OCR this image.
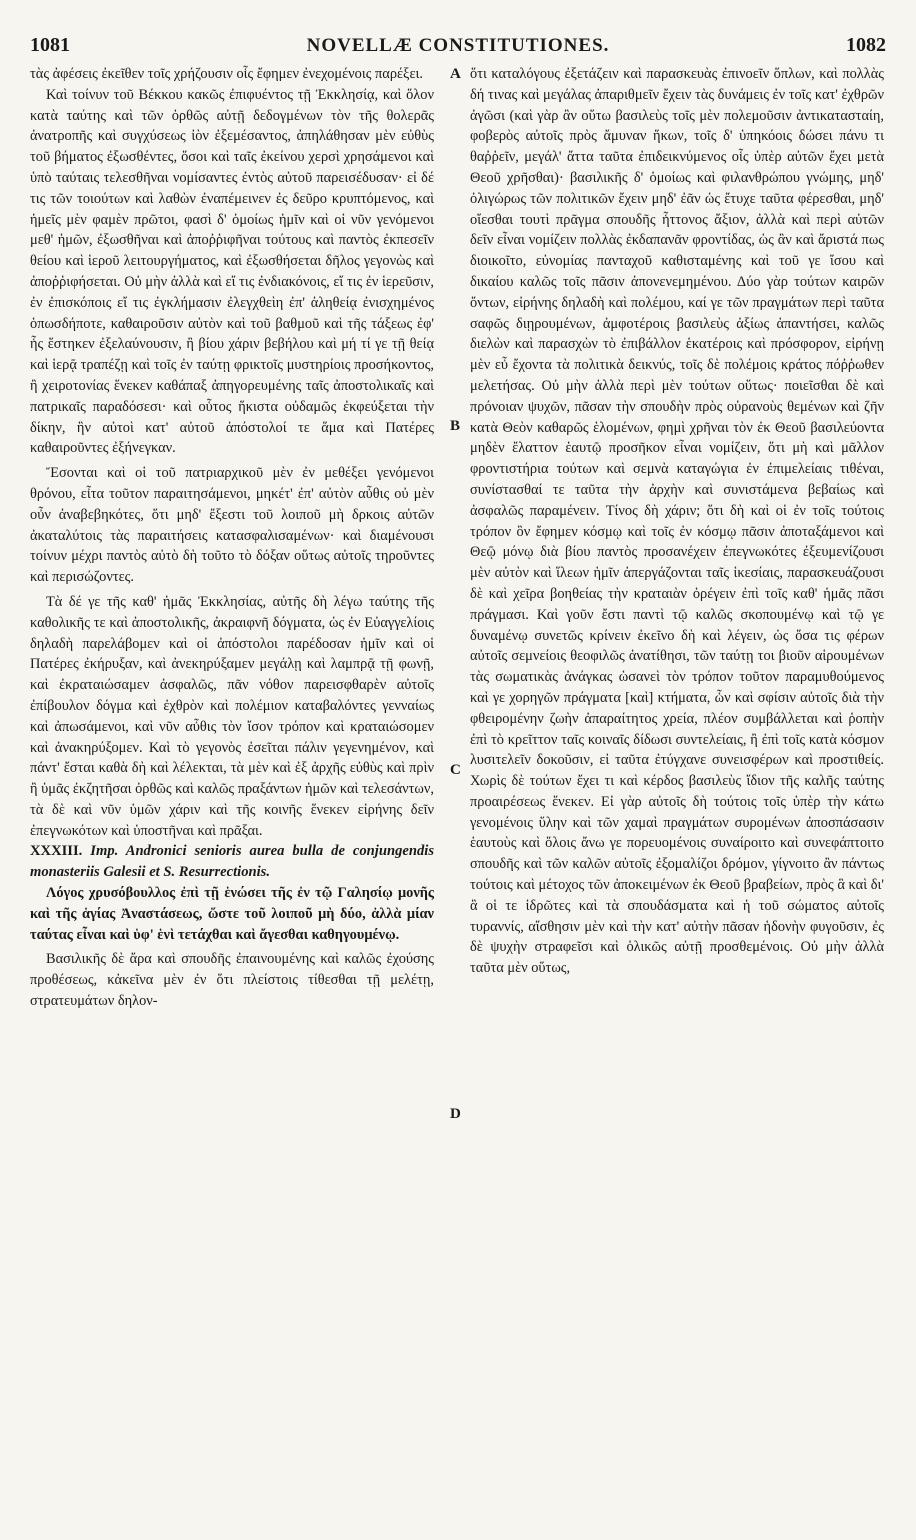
1081	NOVELLÆ CONSTITUTIONES.	1082
A
B
C
D

τὰς ἀφέσεις ἐκεῖθεν τοῖς χρήζουσιν οἷς ἔφημεν ἐνεχομένοις παρέξει.

Καὶ τοίνυν τοῦ Βέκκου κακῶς ἐπιφυέντος τῇ Ἐκκλησίᾳ, καὶ ὅλον κατὰ ταύτης καὶ τῶν ὀρθῶς αὐτῇ δεδογμένων τὸν τῆς θολερᾶς ἀνατροπῆς καὶ συγχύσεως ἰὸν ἐξεμέσαντος, ἀπηλάθησαν μὲν εὐθὺς τοῦ βήματος ἐξωσθέντες, ὅσοι καὶ ταῖς ἐκείνου χερσὶ χρησάμενοι καὶ ὑπὸ ταύταις τελεσθῆναι νομίσαντες ἐντὸς αὐτοῦ παρεισέδυσαν· εἰ δέ τις τῶν τοιούτων καὶ λαθὼν ἐναπέμεινεν ἐς δεῦρο κρυπτόμενος, καὶ ἡμεῖς μὲν φαμὲν πρῶτοι, φασὶ δ' ὁμοίως ἡμῖν καὶ οἱ νῦν γενόμενοι μεθ' ἡμῶν, ἐξωσθῆναι καὶ ἀποῤῥιφῆναι τούτους καὶ παντὸς ἐκπεσεῖν θείου καὶ ἱεροῦ λειτουργήματος, καὶ ἐξωσθήσεται δῆλος γεγονὼς καὶ ἀποῤῥιφήσεται. Οὐ μὴν ἀλλὰ καὶ εἴ τις ἐνδιακόνοις, εἴ τις ἐν ἱερεῦσιν, ἐν ἐπισκόποις εἴ τις ἐγκλήμασιν ἐλεγχθεὶη ἐπ' ἀληθείᾳ ἐνισχημένος ὁπωσδήποτε, καθαιροῦσιν αὐτὸν καὶ τοῦ βαθμοῦ καὶ τῆς τάξεως ἐφ' ἧς ἕστηκεν ἐξελαύνουσιν, ἢ βίου χάριν βεβήλου καὶ μή τί γε τῇ θείᾳ καὶ ἱερᾷ τραπέζῃ καὶ τοῖς ἐν ταύτῃ φρικτοῖς μυστηρίοις προσήκοντος, ἢ χειροτονίας ἕνεκεν καθάπαξ ἀπηγορευμένης ταῖς ἀποστολικαῖς καὶ πατρικαῖς παραδόσεσι· καὶ οὗτος ἥκιστα οὐδαμῶς ἐκφεύξεται τὴν δίκην, ἣν αὐτοὶ κατ' αὐτοῦ ἀπόστολοί τε ἅμα καὶ Πατέρες καθαιροῦντες ἐξήνεγκαν.

Ἔσονται καὶ οἱ τοῦ πατριαρχικοῦ μὲν ἐν μεθέξει γενόμενοι θρόνου, εἶτα τοῦτον παραιτησάμενοι, μηκέτ' ἐπ' αὐτὸν αὖθις οὐ μὲν οὖν ἀναβεβηκότες, ὅτι μηδ' ἔξεστι τοῦ λοιποῦ μὴ δρκοις αὐτῶν ἀκαταλύτοις τὰς παραιτήσεις κατασφαλισαμένων· καὶ διαμένουσι τοίνυν μέχρι παντὸς αὐτὸ δὴ τοῦτο τὸ δόξαν οὕτως αὐτοῖς τηροῦντες καὶ περισώζοντες.

Τὰ δέ γε τῆς καθ' ἡμᾶς Ἐκκλησίας, αὐτῆς δὴ λέγω ταύτης τῆς καθολικῆς τε καὶ ἀποστολικῆς, ἀκραιφνῆ δόγματα, ὡς ἐν Εὐαγγελίοις δηλαδὴ παρελάβομεν καὶ οἱ ἀπόστολοι παρέδοσαν ἡμῖν καὶ οἱ Πατέρες ἐκήρυξαν, καὶ ἀνεκηρύξαμεν μεγάλῃ καὶ λαμπρᾷ τῇ φωνῇ, καὶ ἐκραταιώσαμεν ἀσφαλῶς, πᾶν νόθον παρεισφθαρὲν αὐτοῖς ἐπίβουλον δόγμα καὶ ἐχθρὸν καὶ πολέμιον καταβαλόντες γενναίως καὶ ἀπωσάμενοι, καὶ νῦν αὖθις τὸν ἴσον τρόπον καὶ κραταιώσομεν καὶ ἀνακηρύξομεν. Καὶ τὸ γεγονὸς ἐσεῖται πάλιν γεγενημένον, καὶ πάντ' ἔσται καθὰ δὴ καὶ λέλεκται, τὰ μὲν καὶ ἐξ ἀρχῆς εὐθὺς καὶ πρὶν ἢ ὑμᾶς ἐκζητῆσαι ὀρθῶς καὶ καλῶς πραξάντων ἡμῶν καὶ τελεσάντων, τὰ δὲ καὶ νῦν ὑμῶν χάριν καὶ τῆς κοινῆς ἕνεκεν εἰρήνης δεῖν ἐπεγνωκότων καὶ ὑποστῆναι καὶ πρᾶξαι.

XXXIII. Imp. Andronici senioris aurea bulla de conjungendis monasteriis Galesii et S. Resurrectionis.

Λόγος χρυσόβουλλος ἐπὶ τῇ ἑνώσει τῆς ἐν τῷ Γαλησίῳ μονῆς καὶ τῆς ἁγίας Ἀναστάσεως, ὥστε τοῦ λοιποῦ μὴ δύο, ἀλλὰ μίαν ταύτας εἶναι καὶ ὑφ' ἑνὶ τετάχθαι καὶ ἄγεσθαι καθηγουμένῳ.

Βασιλικῆς δὲ ἄρα καὶ σπουδῆς ἐπαινουμένης καὶ καλῶς ἐχούσης προθέσεως, κἀκεῖνα μὲν ἐν ὅτι πλείστοις τίθεσθαι τῇ μελέτῃ, στρατευμάτων δηλον-

ὅτι καταλόγους ἐξετάζειν καὶ παρασκευὰς ἐπινοεῖν ὅπλων, καὶ πολλὰς δή τινας καὶ μεγάλας ἀπαριθμεῖν ἔχειν τὰς δυνάμεις ἐν τοῖς κατ' ἐχθρῶν ἀγῶσι (καὶ γὰρ ἂν οὕτω βασιλεὺς τοῖς μὲν πολεμοῦσιν ἀντικατασταίη, φοβερὸς αὐτοῖς πρὸς ἄμυναν ἥκων, τοῖς δ' ὑπηκόοις δώσει πάνυ τι θαῤῥεῖν, μεγάλ' ἄττα ταῦτα ἐπιδεικνύμενος οἷς ὑπὲρ αὐτῶν ἔχει μετὰ Θεοῦ χρῆσθαι)· βασιλικῆς δ' ὁμοίως καὶ φιλανθρώπου γνώμης, μηδ' ὀλιγώρως τῶν πολιτικῶν ἔχειν μηδ' ἐᾶν ὡς ἔτυχε ταῦτα φέρεσθαι, μηδ' οἴεσθαι τουτὶ πρᾶγμα σπουδῆς ἧττονος ἄξιον, ἀλλὰ καὶ περὶ αὐτῶν δεῖν εἶναι νομίζειν πολλὰς ἐκδαπανᾶν φροντίδας, ὡς ἂν καὶ ἄριστά πως διοικοῖτο, εὐνομίας πανταχοῦ καθισταμένης καὶ τοῦ γε ἴσου καὶ δικαίου καλῶς τοῖς πᾶσιν ἀπονενεμημένου. Δύο γὰρ τούτων καιρῶν ὄντων, εἰρήνης δηλαδὴ καὶ πολέμου, καί γε τῶν πραγμάτων περὶ ταῦτα σαφῶς διῃρουμένων, ἀμφοτέροις βασιλεὺς ἀξίως ἀπαντήσει, καλῶς διελὼν καὶ παρασχὼν τὸ ἐπιβάλλον ἑκατέροις καὶ πρόσφορον, εἰρήνῃ μὲν εὖ ἔχοντα τὰ πολιτικὰ δεικνύς, τοῖς δὲ πολέμοις κράτος πόῤῥωθεν μελετήσας. Οὐ μὴν ἀλλὰ περὶ μὲν τούτων οὕτως· ποιεῖσθαι δὲ καὶ πρόνοιαν ψυχῶν, πᾶσαν τὴν σπουδὴν πρὸς οὐρανοὺς θεμένων καὶ ζῆν κατὰ Θεὸν καθαρῶς ἑλομένων, φημὶ χρῆναι τὸν ἐκ Θεοῦ βασιλεύοντα μηδὲν ἔλαττον ἑαυτῷ προσῆκον εἶναι νομίζειν, ὅτι μὴ καὶ μᾶλλον φροντιστήρια τούτων καὶ σεμνὰ καταγώγια ἐν ἐπιμελείαις τιθέναι, συνίστασθαί τε ταῦτα τὴν ἀρχὴν καὶ συνιστάμενα βεβαίως καὶ ἀσφαλῶς παραμένειν. Τίνος δὴ χάριν; ὅτι δὴ καὶ οἱ ἐν τοῖς τούτοις τρόπον ὃν ἔφημεν κόσμῳ καὶ τοῖς ἐν κόσμῳ πᾶσιν ἀποταξάμενοι καὶ Θεῷ μόνῳ διὰ βίου παντὸς προσανέχειν ἐπεγνωκότες ἐξευμενίζουσι μὲν αὐτὸν καὶ ἵλεων ἡμῖν ἀπεργάζονται ταῖς ἱκεσίαις, παρασκευάζουσι δὲ καὶ χεῖρα βοηθείας τὴν κραταιὰν ὀρέγειν ἐπὶ τοῖς καθ' ἡμᾶς πᾶσι πράγμασι. Καὶ γοῦν ἔστι παντὶ τῷ καλῶς σκοπουμένῳ καὶ τῷ γε δυναμένῳ συνετῶς κρίνειν ἐκεῖνο δὴ καὶ λέγειν, ὡς ὅσα τις φέρων αὐτοῖς σεμνείοις θεοφιλῶς ἀνατίθησι, τῶν ταύτῃ τοι βιοῦν αἱρουμένων τὰς σωματικὰς ἀνάγκας ὡσανεὶ τὸν τρόπον τοῦτον παραμυθούμενος καὶ γε χορηγῶν πράγματα [καὶ] κτήματα, ὧν καὶ σφίσιν αὐτοῖς διὰ τὴν φθειρομένην ζωὴν ἀπαραίτητος χρεία, πλέον συμβάλλεται καὶ ῥοπὴν ἐπὶ τὸ κρεῖττον ταῖς κοιναῖς δίδωσι συντελείαις, ἢ ἐπὶ τοῖς κατὰ κόσμον λυσιτελεῖν δοκοῦσιν, εἰ ταῦτα ἐτύγχανε συνεισφέρων καὶ προστιθείς. Χωρὶς δὲ τούτων ἔχει τι καὶ κέρδος βασιλεὺς ἴδιον τῆς καλῆς ταύτης προαιρέσεως ἕνεκεν. Εἰ γὰρ αὐτοῖς δὴ τούτοις τοῖς ὑπὲρ τὴν κάτω γενομένοις ὕλην καὶ τῶν χαμαὶ πραγμάτων συρομένων ἀποσπάσασιν ἑαυτοὺς καὶ ὅλοις ἄνω γε πορευομένοις συναίροιτο καὶ συνεφάπτοιτο σπουδῆς καὶ τῶν καλῶν αὐτοῖς ἐξομαλίζοι δρόμον, γίγνοιτο ἂν πάντως τούτοις καὶ μέτοχος τῶν ἀποκειμένων ἐκ Θεοῦ βραβείων, πρὸς ἃ καὶ δι' ἃ οἱ τε ἱδρῶτες καὶ τὰ σπουδάσματα καὶ ἡ τοῦ σώματος αὐτοῖς τυραννίς, αἴσθησιν μὲν καὶ τὴν κατ' αὐτὴν πᾶσαν ἡδονὴν φυγοῦσιν, ἐς δὲ ψυχὴν στραφεῖσι καὶ ὁλικῶς αὐτῇ προσθεμένοις. Οὐ μὴν ἀλλὰ ταῦτα μὲν οὕτως,
